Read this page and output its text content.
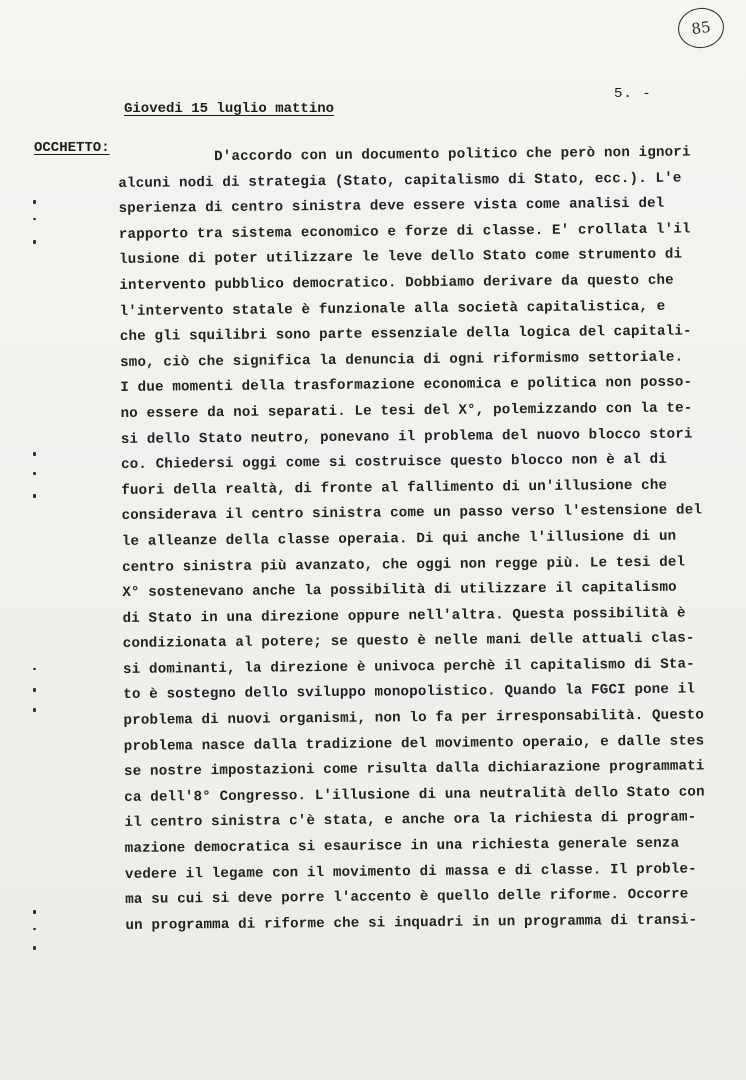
85
5. -
Giovedi 15 luglio mattino
OCCHETTO:	D'accordo con un documento politico che però non ignori
alcuni nodi di strategia (Stato, capitalismo di Stato, ecc.). L'e
sperienza di centro sinistra deve essere vista come analisi del
rapporto tra sistema economico e forze di classe. E' crollata l'il
lusione di poter utilizzare le leve dello Stato come strumento di
intervento pubblico democratico. Dobbiamo derivare da questo che
l'intervento statale è funzionale alla società capitalistica, e
che gli squilibri sono parte essenziale della logica del capitali-
smo, ciò che significa la denuncia di ogni riformismo settoriale.
I due momenti della trasformazione economica e politica non posso-
no essere da noi separati. Le tesi del X°, polemizzando con la te-
si dello Stato neutro, ponevano il problema del nuovo blocco stori
co. Chiedersi oggi come si costruisce questo blocco non è al di
fuori della realtà, di fronte al fallimento di un'illusione che
considerava il centro sinistra come un passo verso l'estensione del
le alleanze della classe operaia. Di qui anche l'illusione di un
centro sinistra più avanzato, che oggi non regge più. Le tesi del
X° sostenevano anche la possibilità di utilizzare il capitalismo
di Stato in una direzione oppure nell'altra. Questa possibilità è
condizionata al potere; se questo è nelle mani delle attuali clas-
si dominanti, la direzione è univoca perchè il capitalismo di Sta-
to è sostegno dello sviluppo monopolistico. Quando la FGCI pone il
problema di nuovi organismi, non lo fa per irresponsabilità. Questo
problema nasce dalla tradizione del movimento operaio, e dalle stes
se nostre impostazioni come risulta dalla dichiarazione programmati
ca dell'8° Congresso. L'illusione di una neutralità dello Stato con
il centro sinistra c'è stata, e anche ora la richiesta di program-
mazione democratica si esaurisce in una richiesta generale senza
vedere il legame con il movimento di massa e di classe. Il proble-
ma su cui si deve porre l'accento è quello delle riforme. Occorre
un programma di riforme che si inquadri in un programma di transi-
